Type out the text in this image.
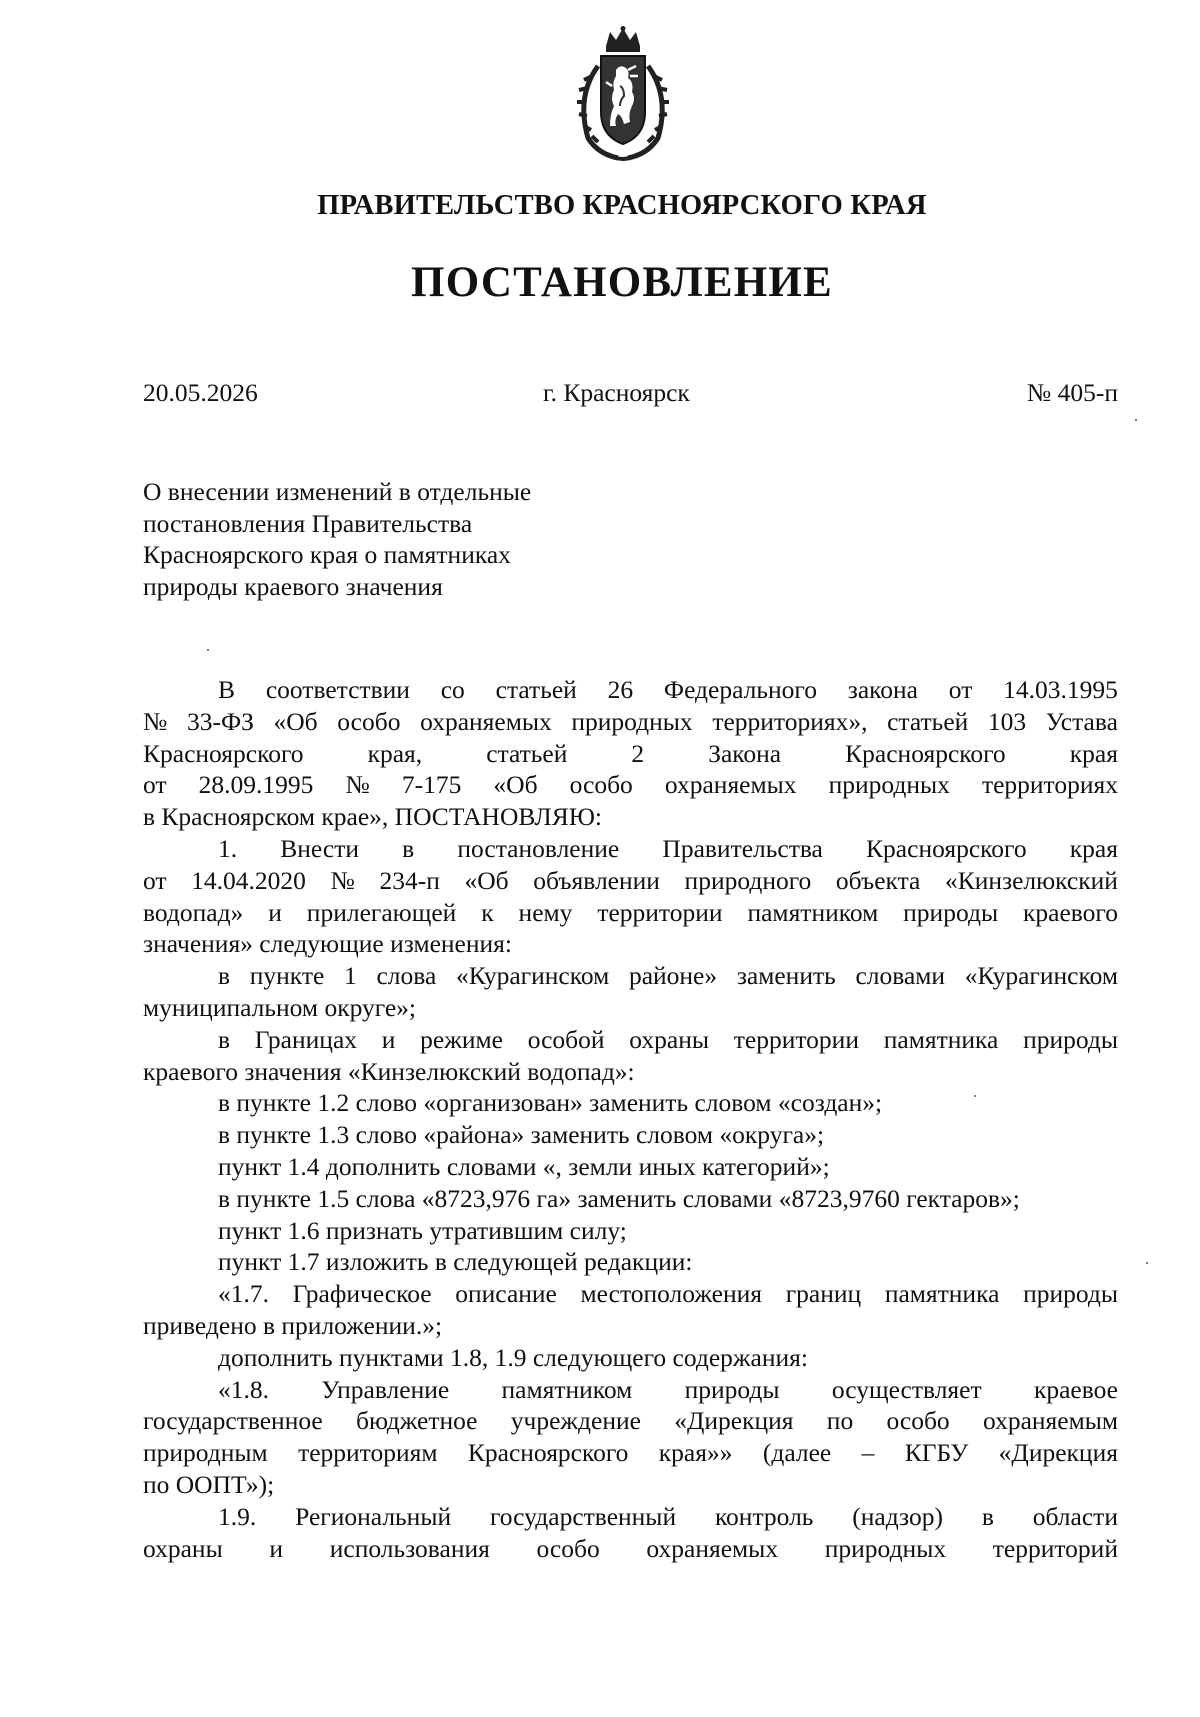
ПРАВИТЕЛЬСТВО КРАСНОЯРСКОГО КРАЯ
ПОСТАНОВЛЕНИЕ
20.05.2026	г. Красноярск	№ 405-п
О внесении изменений в отдельные
постановления Правительства
Красноярского края о памятниках
природы краевого значения
В соответствии со статьей 26 Федерального закона от 14.03.1995
№ 33-ФЗ «Об особо охраняемых природных территориях», статьей 103 Устава
Красноярского	края,	статьей	2	Закона	Красноярского	края
от 28.09.1995 № 7-175 «Об особо охраняемых природных территориях
в Красноярском крае», ПОСТАНОВЛЯЮ:
1. Внести в постановление Правительства Красноярского края
от 14.04.2020 № 234-п «Об объявлении природного объекта «Кинзелюкский
водопад» и прилегающей к нему территории памятником природы краевого
значения» следующие изменения:
в пункте 1 слова «Курагинском районе» заменить словами «Курагинском
муниципальном округе»;
в Границах и режиме особой охраны территории памятника природы
краевого значения «Кинзелюкский водопад»:
в пункте 1.2 слово «организован» заменить словом «создан»;
в пункте 1.3 слово «района» заменить словом «округа»;
пункт 1.4 дополнить словами «, земли иных категорий»;
в пункте 1.5 слова «8723,976 га» заменить словами «8723,9760 гектаров»;
пункт 1.6 признать утратившим силу;
пункт 1.7 изложить в следующей редакции:
«1.7. Графическое описание местоположения границ памятника природы
приведено в приложении.»;
дополнить пунктами 1.8, 1.9 следующего содержания:
«1.8. Управление памятником природы осуществляет краевое
государственное бюджетное учреждение «Дирекция по особо охраняемым
природным территориям Красноярского края»» (далее – КГБУ «Дирекция
по ООПТ»);
1.9. Региональный государственный контроль (надзор) в области
охраны и использования особо охраняемых природных территорий
